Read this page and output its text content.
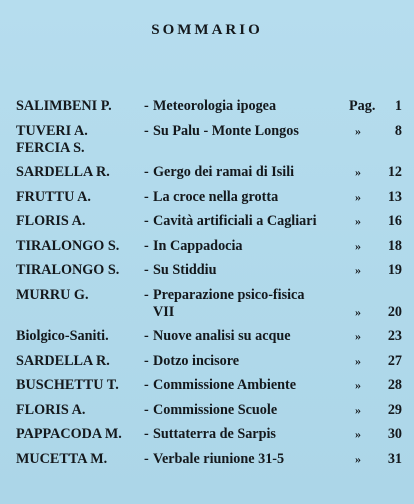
SOMMARIO
SALIMBENI P.	- Meteorologia ipogea	Pag. 1
TUVERI A.
FERCIA S.
- Su Palu - Monte Longos	» 8
SARDELLA R.	- Gergo dei ramai di Isili	» 12
FRUTTU A.	- La croce nella grotta	» 13
FLORIS A.	- Cavità artificiali a Cagliari	» 16
TIRALONGO S.	- In Cappadocia	» 18
TIRALONGO S.	- Su Stiddiu	» 19
MURRU G.	- Preparazione psico-fisica
VII	» 20
Biolgico-Saniti.	- Nuove analisi su acque	» 23
SARDELLA R.	- Dotzo incisore	» 27
BUSCHETTU T.	- Commissione Ambiente	» 28
FLORIS A.	- Commissione Scuole	» 29
PAPPACODA M.	- Suttaterra de Sarpis	» 30
MUCETTA M.	- Verbale riunione 31-5	» 31
